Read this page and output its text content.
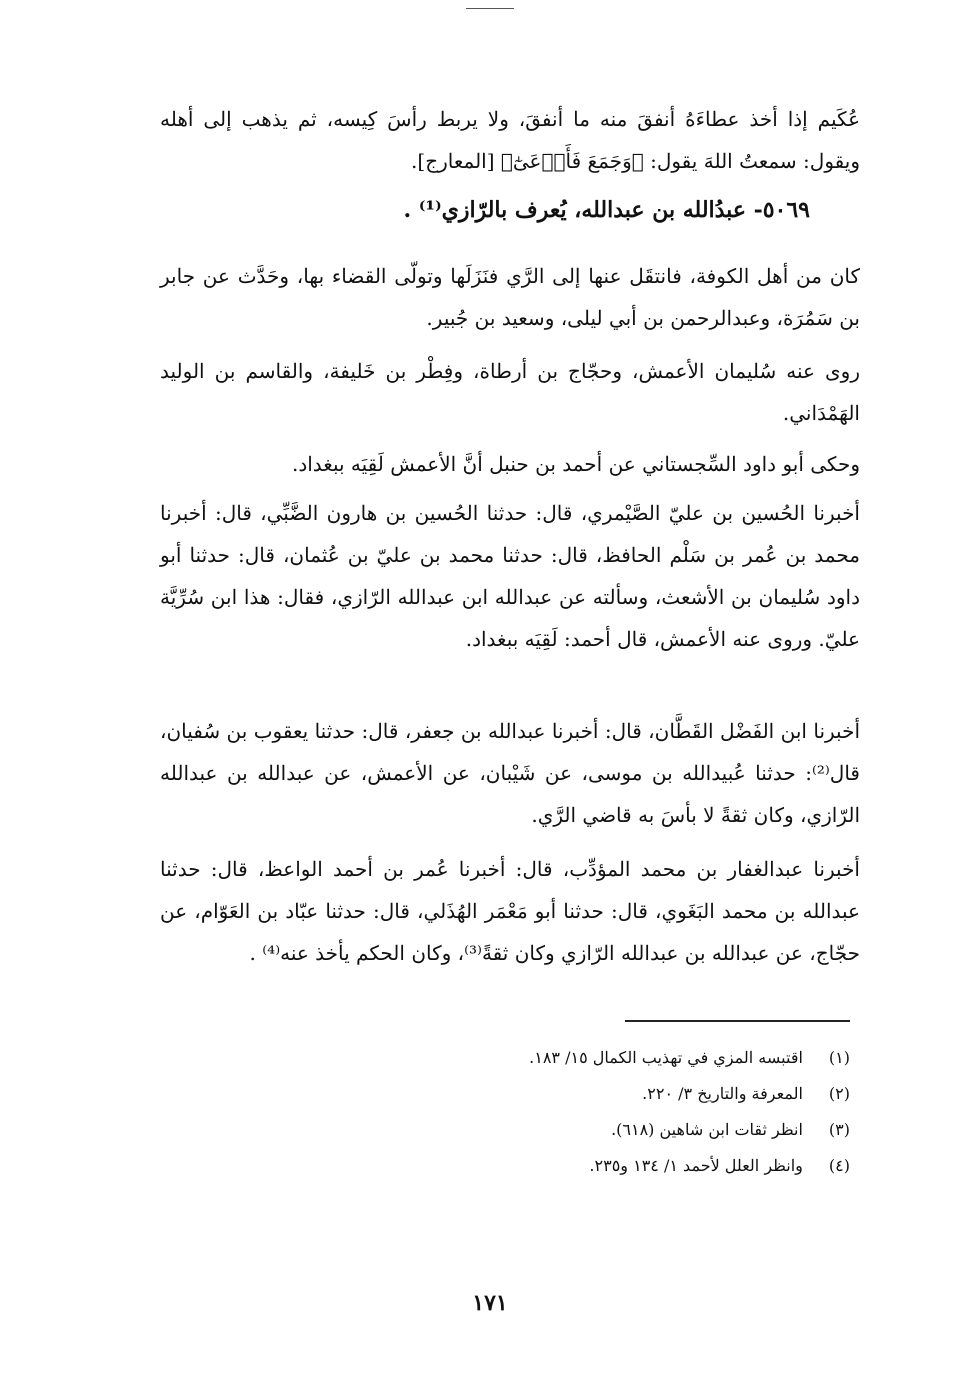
عُكَيم إذا أخذ عطاءَهُ أنفقَ منه ما أنفقَ، ولا يربط رأسَ كِيسه، ثم يذهب إلى أهله ويقول: سمعتُ اللهَ يقول: ﴿وَجَمَعَ فَأَوۡعَىٰٓ﴾ [المعارج].
٥٠٦٩- عبدُالله بن عبدالله، يُعرف بالرّازي⁽¹⁾ .
كان من أهل الكوفة، فانتقَل عنها إلى الرَّي فنَزَلَها وتولّى القضاء بها، وحَدَّث عن جابر بن سَمُرَة، وعبدالرحمن بن أبي ليلى، وسعيد بن جُبير.
روى عنه سُليمان الأعمش، وحجّاج بن أرطاة، وفِطْر بن خَليفة، والقاسم بن الوليد الهَمْدَاني.
وحكى أبو داود السِّجستاني عن أحمد بن حنبل أنَّ الأعمش لَقِيَه ببغداد.
أخبرنا الحُسين بن عليّ الصَّيْمري، قال: حدثنا الحُسين بن هارون الضَّبِّي، قال: أخبرنا محمد بن عُمر بن سَلْم الحافظ، قال: حدثنا محمد بن عليّ بن عُثمان، قال: حدثنا أبو داود سُليمان بن الأشعث، وسألته عن عبدالله ابن عبدالله الرّازي، فقال: هذا ابن سُرِّيَّة عليّ. وروى عنه الأعمش، قال أحمد: لَقِيَه ببغداد.
أخبرنا ابن الفَضْل القَطَّان، قال: أخبرنا عبدالله بن جعفر، قال: حدثنا يعقوب بن سُفيان، قال⁽²⁾: حدثنا عُبيدالله بن موسى، عن شَيْبان، عن الأعمش، عن عبدالله بن عبدالله الرّازي، وكان ثقةً لا بأسَ به قاضي الرَّي.
أخبرنا عبدالغفار بن محمد المؤدِّب، قال: أخبرنا عُمر بن أحمد الواعظ، قال: حدثنا عبدالله بن محمد البَغَوي، قال: حدثنا أبو مَعْمَر الهُذَلي، قال: حدثنا عبّاد بن العَوّام، عن حجّاج، عن عبدالله بن عبدالله الرّازي وكان ثقةً⁽³⁾، وكان الحكم يأخذ عنه⁽⁴⁾ .
(١) اقتبسه المزي في تهذيب الكمال ١٥/ ١٨٣.
(٢) المعرفة والتاريخ ٣/ ٢٢٠.
(٣) انظر ثقات ابن شاهين (٦١٨).
(٤) وانظر العلل لأحمد ١/ ١٣٤ و٢٣٥.
١٧١
